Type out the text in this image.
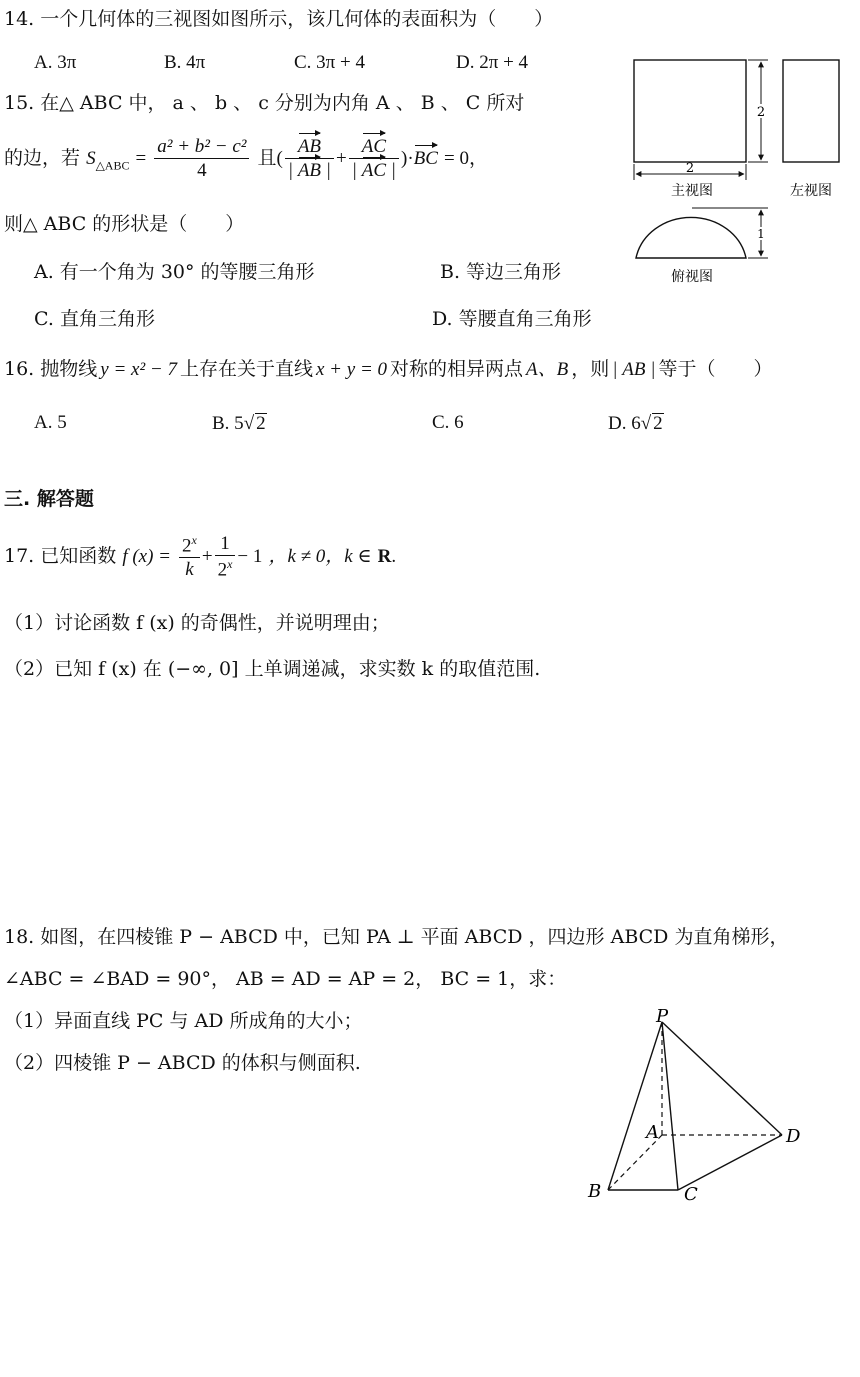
14. 一个几何体的三视图如图所示，该几何体的表面积为（　　）
A. 3π	B. 4π	C. 3π + 4	D. 2π + 4
2
2
主视图	左视图
1
俯视图
15. 在△ ABC 中， a 、 b 、 c 分别为内角 A 、 B 、 C 所对
的边，若 $S_{\triangle ABC} = \frac{\text{a² + b² − c²}}{4}$ 且( $\frac{AB}{| AB |} + \frac{AC}{| AC |} )\cdot BC = 0$，
则△ ABC 的形状是（　　）
A. 有一个角为 30° 的等腰三角形	B. 等边三角形
C. 直角三角形	D. 等腰直角三角形
16. 抛物线 y = x² − 7 上存在关于直线 x + y = 0 对称的相异两点 A、B ，则 | AB | 等于（　　）
A. 5	B. 5√ 2	C. 6	D. 6√ 2
三. 解答题
17. 已知函数 f $(x) = \frac{2^x}{k} + \frac{1}{2^x} - 1$ ，k ≠ 0，k ∈ R.
（1）讨论函数 f (x) 的奇偶性，并说明理由；
（2）已知 f (x) 在 (−∞, 0] 上单调递减，求实数 k 的取值范围.
18. 如图，在四棱锥 P − ABCD 中，已知 PA ⊥ 平面 ABCD ，四边形 ABCD 为直角梯形，
∠ABC = ∠BAD = 90°， AB = AD = AP = 2， BC = 1，求：
（1）异面直线 PC 与 AD 所成角的大小；
（2）四棱锥 P − ABCD 的体积与侧面积.
P
A
B	C
D
